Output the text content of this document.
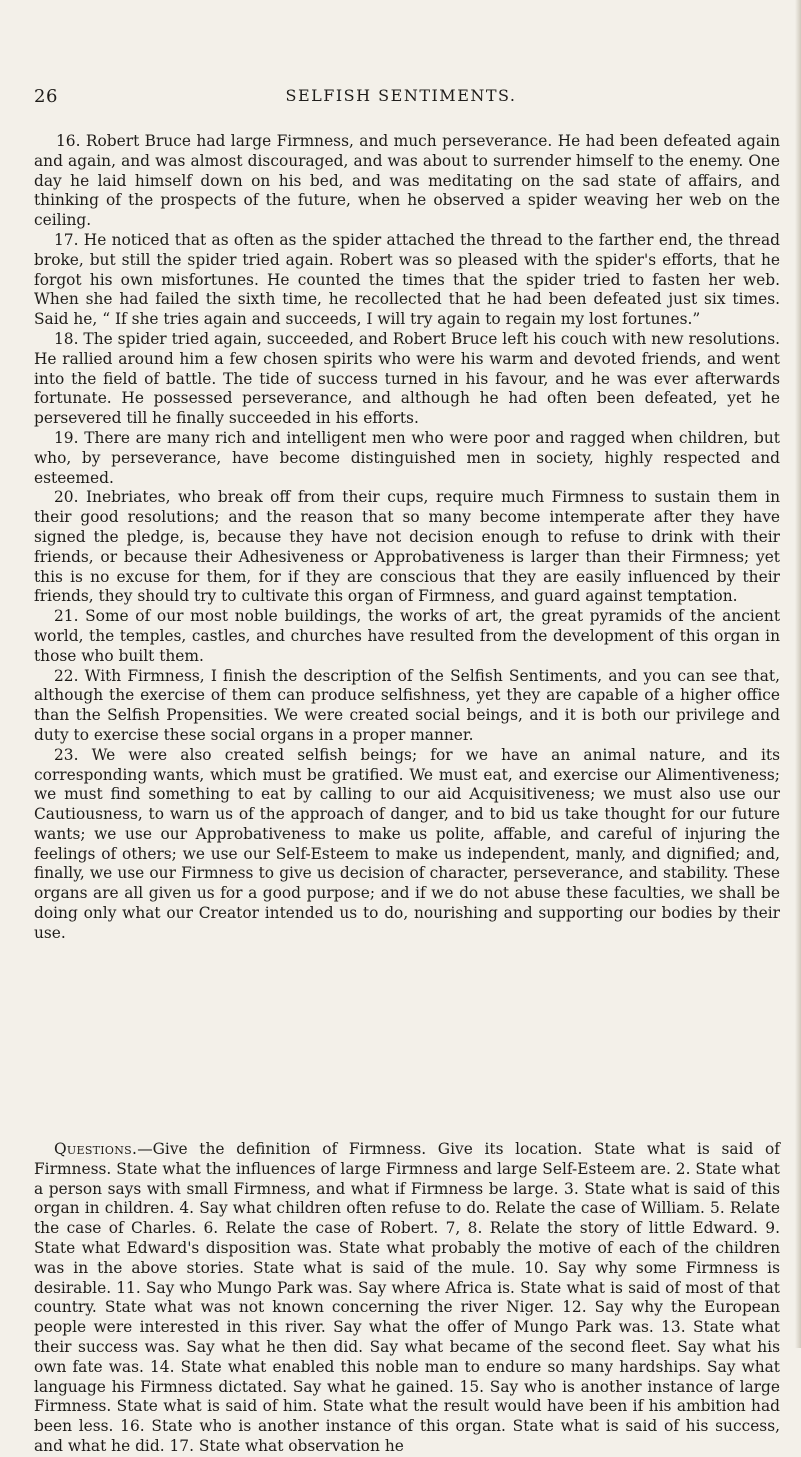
26	SELFISH SENTIMENTS.

16. Robert Bruce had large Firmness, and much perseverance. He had been defeated again and again, and was almost discouraged, and was about to surrender himself to the enemy. One day he laid himself down on his bed, and was meditating on the sad state of affairs, and thinking of the prospects of the future, when he observed a spider weaving her web on the ceiling.

17. He noticed that as often as the spider attached the thread to the farther end, the thread broke, but still the spider tried again. Robert was so pleased with the spider's efforts, that he forgot his own misfortunes. He counted the times that the spider tried to fasten her web. When she had failed the sixth time, he recollected that he had been defeated just six times. Said he, “ If she tries again and succeeds, I will try again to regain my lost fortunes.”

18. The spider tried again, succeeded, and Robert Bruce left his couch with new resolutions. He rallied around him a few chosen spirits who were his warm and devoted friends, and went into the field of battle. The tide of success turned in his favour, and he was ever afterwards fortunate. He possessed perseverance, and although he had often been defeated, yet he persevered till he finally succeeded in his efforts.

19. There are many rich and intelligent men who were poor and ragged when children, but who, by perseverance, have become distinguished men in society, highly respected and esteemed.

20. Inebriates, who break off from their cups, require much Firmness to sustain them in their good resolutions; and the reason that so many become intemperate after they have signed the pledge, is, because they have not decision enough to refuse to drink with their friends, or because their Adhesiveness or Approbativeness is larger than their Firmness; yet this is no excuse for them, for if they are conscious that they are easily influenced by their friends, they should try to cultivate this organ of Firmness, and guard against temptation.

21. Some of our most noble buildings, the works of art, the great pyramids of the ancient world, the temples, castles, and churches have resulted from the development of this organ in those who built them.

22. With Firmness, I finish the description of the Selfish Sentiments, and you can see that, although the exercise of them can produce selfishness, yet they are capable of a higher office than the Selfish Propensities. We were created social beings, and it is both our privilege and duty to exercise these social organs in a proper manner.

23. We were also created selfish beings; for we have an animal nature, and its corresponding wants, which must be gratified. We must eat, and exercise our Alimentiveness; we must find something to eat by calling to our aid Acquisitiveness; we must also use our Cautiousness, to warn us of the approach of danger, and to bid us take thought for our future wants; we use our Approbativeness to make us polite, affable, and careful of injuring the feelings of others; we use our Self-Esteem to make us independent, manly, and dignified; and, finally, we use our Firmness to give us decision of character, perseverance, and stability. These organs are all given us for a good purpose; and if we do not abuse these faculties, we shall be doing only what our Creator intended us to do, nourishing and supporting our bodies by their use.

Questions.—Give the definition of Firmness. Give its location. State what is said of Firmness. State what the influences of large Firmness and large Self-Esteem are. 2. State what a person says with small Firmness, and what if Firmness be large. 3. State what is said of this organ in children. 4. Say what children often refuse to do. Relate the case of William. 5. Relate the case of Charles. 6. Relate the case of Robert. 7, 8. Relate the story of little Edward. 9. State what Edward's disposition was. State what probably the motive of each of the children was in the above stories. State what is said of the mule. 10. Say why some Firmness is desirable. 11. Say who Mungo Park was. Say where Africa is. State what is said of most of that country. State what was not known concerning the river Niger. 12. Say why the European people were interested in this river. Say what the offer of Mungo Park was. 13. State what their success was. Say what he then did. Say what became of the second fleet. Say what his own fate was. 14. State what enabled this noble man to endure so many hardships. Say what language his Firmness dictated. Say what he gained. 15. Say who is another instance of large Firmness. State what is said of him. State what the result would have been if his ambition had been less. 16. State who is another instance of this organ. State what is said of his success, and what he did. 17. State what observation he
